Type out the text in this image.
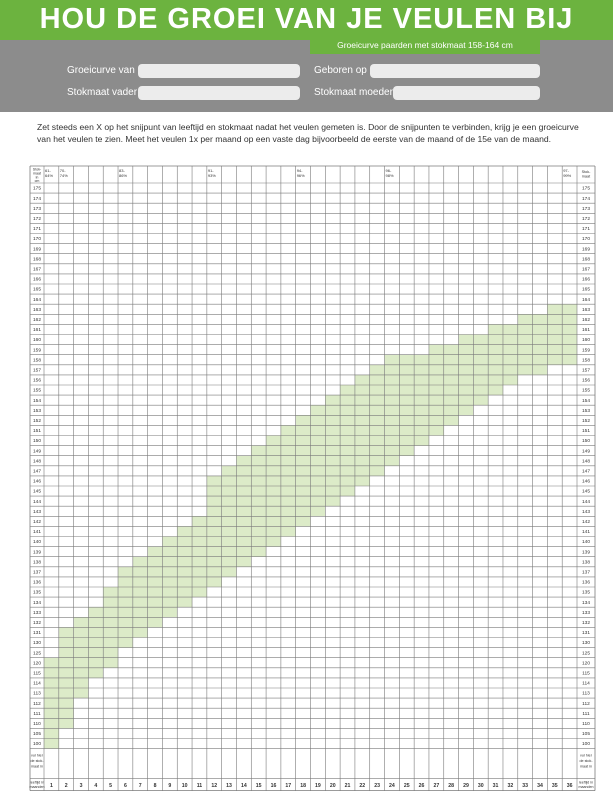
HOU DE GROEI VAN JE VEULEN BIJ
Groeicurve van	Geboren op
Stokmaat vader	Stokmaat moeder
Groeicurve paarden met stokmaat 158-164 cm
Zet steeds een X op het snijpunt van leeftijd en stokmaat nadat het veulen gemeten is. Door de snijpunten te verbinden, krijg je een groeicurve van het veulen te zien. Meet het veulen 1x per maand op een vaste dag bijvoorbeeld de eerste van de maand of de 15e van de maand.
Stok-
maat
in
cm
Stok-
maat
61-
64%
70-
74%
83-
86%
91-
93%
94-
96%
96-
98%
97-
99%
175	175
174	174
173	173
172	172
171	171
170	170
169	169
168	168
167	167
166	166
165	165
164	164
163	163
162	162
161	161
160	160
159	159
158	158
157	157
156	156
155	155
154	154
153	153
152	152
151	151
150	150
149	149
148	148
147	147
146	146
145	145
144	144
143	143
142	142
141	141
140	140
139	139
138	138
137	137
136	136
135	135
134	134
133	133
132	132
131	131
130	130
125	125
120	120
115	115
114	114
113	113
112	112
111	111
110	110
105	105
100	100
vul hier	vul hier
de stok-	de stok-
maat in	maat in
leeftijd in	leeftijd in
maanden	maanden
1 2 3 4 5 6 7 8 9 10 11 12 13 14 15 16 17 18 19 20 21 22 23 24 25 26 27 28 29 30 31 32 33 34 35 36
